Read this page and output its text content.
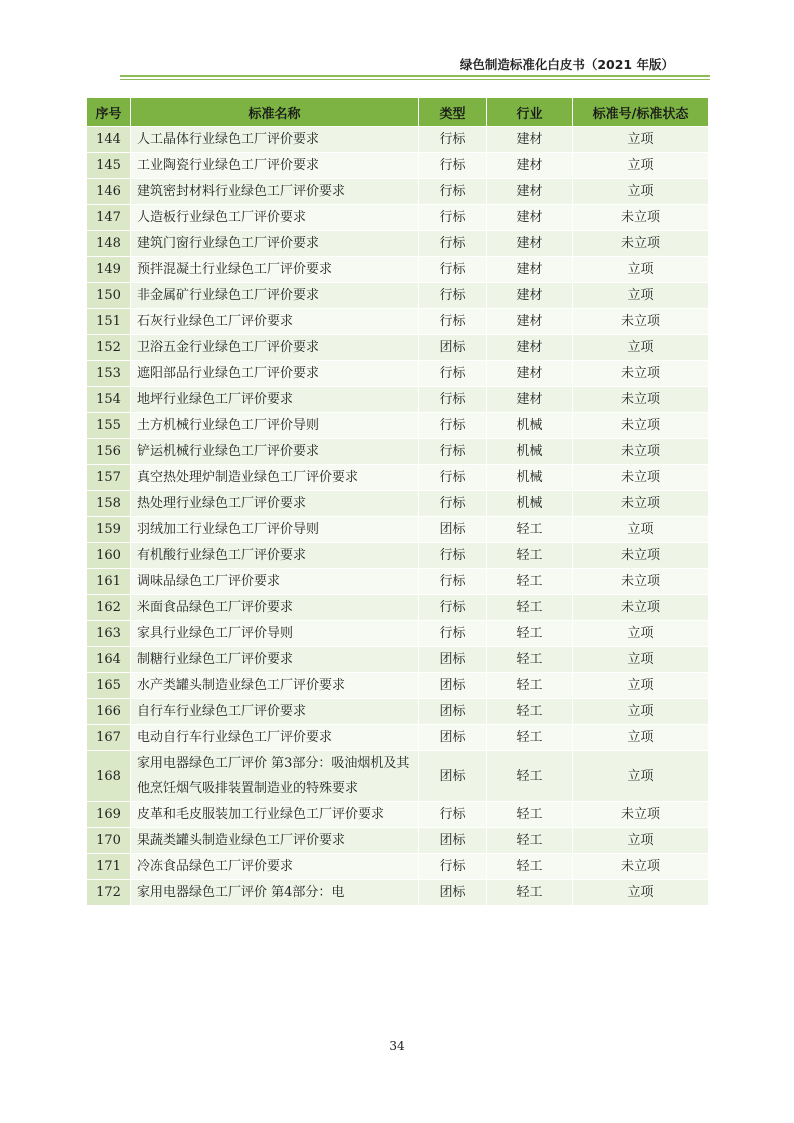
绿色制造标准化白皮书（2021 年版）
序号	标准名称	类型	行业	标准号/标准状态
144	人工晶体行业绿色工厂评价要求	行标	建材	立项
145	工业陶瓷行业绿色工厂评价要求	行标	建材	立项
146	建筑密封材料行业绿色工厂评价要求	行标	建材	立项
147	人造板行业绿色工厂评价要求	行标	建材	未立项
148	建筑门窗行业绿色工厂评价要求	行标	建材	未立项
149	预拌混凝土行业绿色工厂评价要求	行标	建材	立项
150	非金属矿行业绿色工厂评价要求	行标	建材	立项
151	石灰行业绿色工厂评价要求	行标	建材	未立项
152	卫浴五金行业绿色工厂评价要求	团标	建材	立项
153	遮阳部品行业绿色工厂评价要求	行标	建材	未立项
154	地坪行业绿色工厂评价要求	行标	建材	未立项
155	土方机械行业绿色工厂评价导则	行标	机械	未立项
156	铲运机械行业绿色工厂评价要求	行标	机械	未立项
157	真空热处理炉制造业绿色工厂评价要求	行标	机械	未立项
158	热处理行业绿色工厂评价要求	行标	机械	未立项
159	羽绒加工行业绿色工厂评价导则	团标	轻工	立项
160	有机酸行业绿色工厂评价要求	行标	轻工	未立项
161	调味品绿色工厂评价要求	行标	轻工	未立项
162	米面食品绿色工厂评价要求	行标	轻工	未立项
163	家具行业绿色工厂评价导则	行标	轻工	立项
164	制糖行业绿色工厂评价要求	团标	轻工	立项
165	水产类罐头制造业绿色工厂评价要求	团标	轻工	立项
166	自行车行业绿色工厂评价要求	团标	轻工	立项
167	电动自行车行业绿色工厂评价要求	团标	轻工	立项
168	家用电器绿色工厂评价 第3部分：吸油烟机及其他烹饪烟气吸排装置制造业的特殊要求	团标	轻工	立项
169	皮革和毛皮服装加工行业绿色工厂评价要求	行标	轻工	未立项
170	果蔬类罐头制造业绿色工厂评价要求	团标	轻工	立项
171	冷冻食品绿色工厂评价要求	行标	轻工	未立项
172	家用电器绿色工厂评价 第4部分：电	团标	轻工	立项
34
